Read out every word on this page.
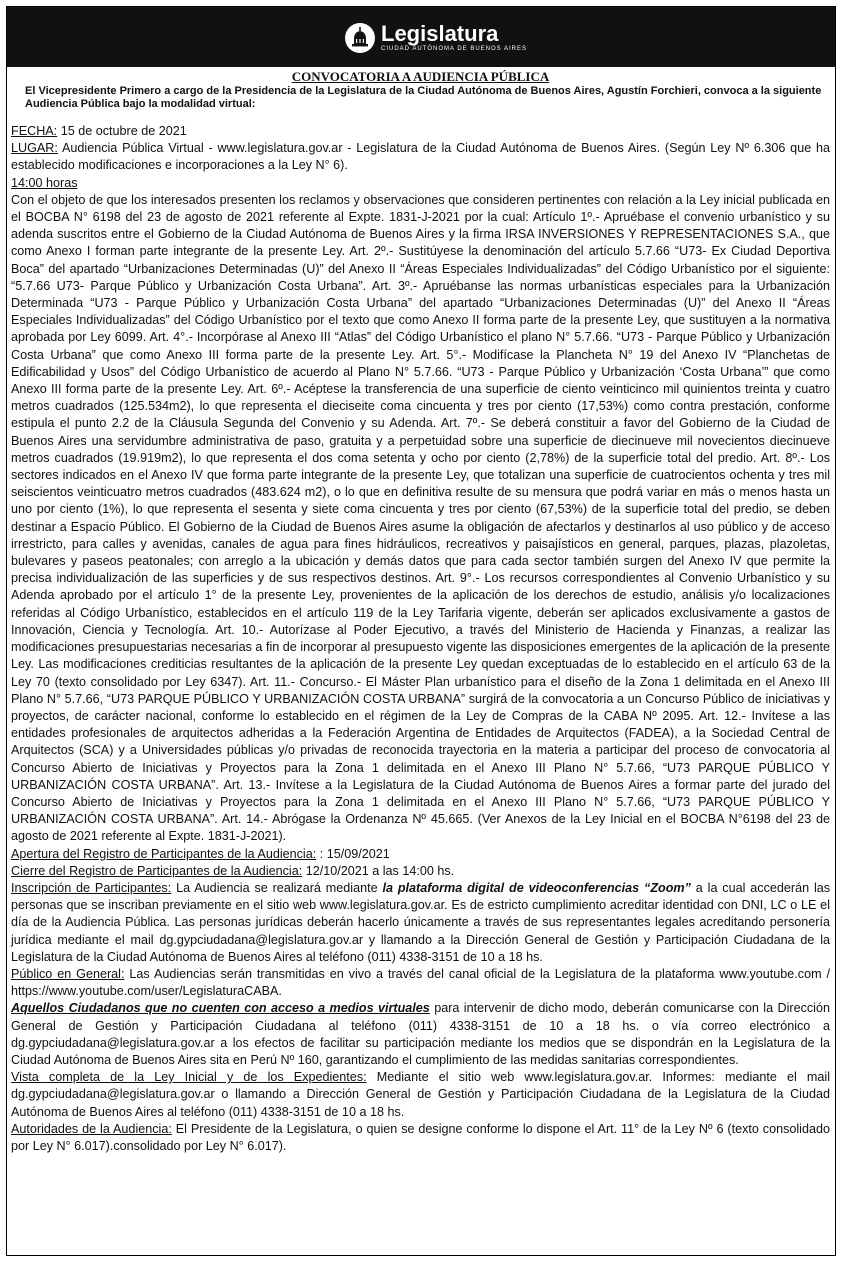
Legislatura
CIUDAD AUTÓNOMA DE BUENOS AIRES
CONVOCATORIA A AUDIENCIA PÚBLICA
El Vicepresidente Primero a cargo de la Presidencia de la Legislatura de la Ciudad Autónoma de Buenos Aires, Agustín Forchieri, convoca a la siguiente Audiencia Pública bajo la modalidad virtual:

FECHA: 15 de octubre de 2021

LUGAR: Audiencia Pública Virtual - www.legislatura.gov.ar - Legislatura de la Ciudad Autónoma de Buenos Aires. (Según Ley Nº 6.306 que ha establecido modificaciones e incorporaciones a la Ley N° 6).

14:00 horas

Con el objeto de que los interesados presenten los reclamos y observaciones que consideren pertinentes con relación a la Ley inicial publicada en el BOCBA N° 6198 del 23 de agosto de 2021 referente al Expte. 1831-J-2021 por la cual: Artículo 1º.- Apruébase el convenio urbanístico y su adenda suscritos entre el Gobierno de la Ciudad Autónoma de Buenos Aires y la firma IRSA INVERSIONES Y REPRESENTACIONES S.A., que como Anexo I forman parte integrante de la presente Ley. Art. 2º.- Sustitúyese la denominación del artículo 5.7.66 “U73- Ex Ciudad Deportiva Boca” del apartado “Urbanizaciones Determinadas (U)” del Anexo II “Áreas Especiales Individualizadas” del Código Urbanístico por el siguiente: “5.7.66 U73- Parque Público y Urbanización Costa Urbana”. Art. 3º.- Apruébanse las normas urbanísticas especiales para la Urbanización Determinada “U73 - Parque Público y Urbanización Costa Urbana” del apartado “Urbanizaciones Determinadas (U)” del Anexo II “Áreas Especiales Individualizadas” del Código Urbanístico por el texto que como Anexo II forma parte de la presente Ley, que sustituyen a la normativa aprobada por Ley 6099. Art. 4°.- Incorpórase al Anexo III “Atlas” del Código Urbanístico el plano N° 5.7.66. “U73 - Parque Público y Urbanización Costa Urbana” que como Anexo III forma parte de la presente Ley. Art. 5°.- Modifícase la Plancheta N° 19 del Anexo IV “Planchetas de Edificabilidad y Usos” del Código Urbanístico de acuerdo al Plano N° 5.7.66. “U73 - Parque Público y Urbanización ‘Costa Urbana’” que como Anexo III forma parte de la presente Ley. Art. 6º.- Acéptese la transferencia de una superficie de ciento veinticinco mil quinientos treinta y cuatro metros cuadrados (125.534m2), lo que representa el dieciseite coma cincuenta y tres por ciento (17,53%) como contra prestación, conforme estipula el punto 2.2 de la Cláusula Segunda del Convenio y su Adenda. Art. 7º.- Se deberá constituir a favor del Gobierno de la Ciudad de Buenos Aires una servidumbre administrativa de paso, gratuita y a perpetuidad sobre una superficie de diecinueve mil novecientos diecinueve metros cuadrados (19.919m2), lo que representa el dos coma setenta y ocho por ciento (2,78%) de la superficie total del predio. Art. 8º.- Los sectores indicados en el Anexo IV que forma parte integrante de la presente Ley, que totalizan una superficie de cuatrocientos ochenta y tres mil seiscientos veinticuatro metros cuadrados (483.624 m2), o lo que en definitiva resulte de su mensura que podrá variar en más o menos hasta un uno por ciento (1%), lo que representa el sesenta y siete coma cincuenta y tres por ciento (67,53%) de la superficie total del predio, se deben destinar a Espacio Público. El Gobierno de la Ciudad de Buenos Aires asume la obligación de afectarlos y destinarlos al uso público y de acceso irrestricto, para calles y avenidas, canales de agua para fines hidráulicos, recreativos y paisajísticos en general, parques, plazas, plazoletas, bulevares y paseos peatonales; con arreglo a la ubicación y demás datos que para cada sector también surgen del Anexo IV que permite la precisa individualización de las superficies y de sus respectivos destinos. Art. 9°.- Los recursos correspondientes al Convenio Urbanístico y su Adenda aprobado por el artículo 1° de la presente Ley, provenientes de la aplicación de los derechos de estudio, análisis y/o localizaciones referidas al Código Urbanístico, establecidos en el artículo 119 de la Ley Tarifaria vigente, deberán ser aplicados exclusivamente a gastos de Innovación, Ciencia y Tecnología. Art. 10.- Autorízase al Poder Ejecutivo, a través del Ministerio de Hacienda y Finanzas, a realizar las modificaciones presupuestarias necesarias a fin de incorporar al presupuesto vigente las disposiciones emergentes de la aplicación de la presente Ley. Las modificaciones crediticias resultantes de la aplicación de la presente Ley quedan exceptuadas de lo establecido en el artículo 63 de la Ley 70 (texto consolidado por Ley 6347). Art. 11.- Concurso.- El Máster Plan urbanístico para el diseño de la Zona 1 delimitada en el Anexo III Plano N° 5.7.66, “U73 PARQUE PÚBLICO Y URBANIZACIÓN COSTA URBANA” surgirá de la convocatoria a un Concurso Público de iniciativas y proyectos, de carácter nacional, conforme lo establecido en el régimen de la Ley de Compras de la CABA Nº 2095. Art. 12.- Invítese a las entidades profesionales de arquitectos adheridas a la Federación Argentina de Entidades de Arquitectos (FADEA), a la Sociedad Central de Arquitectos (SCA) y a Universidades públicas y/o privadas de reconocida trayectoria en la materia a participar del proceso de convocatoria al Concurso Abierto de Iniciativas y Proyectos para la Zona 1 delimitada en el Anexo III Plano N° 5.7.66, “U73 PARQUE PÚBLICO Y URBANIZACIÓN COSTA URBANA”. Art. 13.- Invítese a la Legislatura de la Ciudad Autónoma de Buenos Aires a formar parte del jurado del Concurso Abierto de Iniciativas y Proyectos para la Zona 1 delimitada en el Anexo III Plano N° 5.7.66, “U73 PARQUE PÚBLICO Y URBANIZACIÓN COSTA URBANA”. Art. 14.- Abrógase la Ordenanza Nº 45.665. (Ver Anexos de la Ley Inicial en el BOCBA N°6198 del 23 de agosto de 2021 referente al Expte. 1831-J-2021).

Apertura del Registro de Participantes de la Audiencia: : 15/09/2021

Cierre del Registro de Participantes de la Audiencia: 12/10/2021 a las 14:00 hs.

Inscripción de Participantes: La Audiencia se realizará mediante la plataforma digital de videoconferencias “Zoom” a la cual accederán las personas que se inscriban previamente en el sitio web www.legislatura.gov.ar. Es de estricto cumplimiento acreditar identidad con DNI, LC o LE el día de la Audiencia Pública. Las personas jurídicas deberán hacerlo únicamente a través de sus representantes legales acreditando personería jurídica mediante el mail dg.gypciudadana@legislatura.gov.ar y llamando a la Dirección General de Gestión y Participación Ciudadana de la Legislatura de la Ciudad Autónoma de Buenos Aires al teléfono (011) 4338-3151 de 10 a 18 hs.

Público en General: Las Audiencias serán transmitidas en vivo a través del canal oficial de la Legislatura de la plataforma www.youtube.com / https://www.youtube.com/user/LegislaturaCABA.

Aquellos Ciudadanos que no cuenten con acceso a medios virtuales para intervenir de dicho modo, deberán comunicarse con la Dirección General de Gestión y Participación Ciudadana al teléfono (011) 4338-3151 de 10 a 18 hs. o vía correo electrónico a dg.gypciudadana@legislatura.gov.ar a los efectos de facilitar su participación mediante los medios que se dispondrán en la Legislatura de la Ciudad Autónoma de Buenos Aires sita en Perú Nº 160, garantizando el cumplimiento de las medidas sanitarias correspondientes.

Vista completa de la Ley Inicial y de los Expedientes: Mediante el sitio web www.legislatura.gov.ar. Informes: mediante el mail dg.gypciudadana@legislatura.gov.ar o llamando a Dirección General de Gestión y Participación Ciudadana de la Legislatura de la Ciudad Autónoma de Buenos Aires al teléfono (011) 4338-3151 de 10 a 18 hs.

Autoridades de la Audiencia: El Presidente de la Legislatura, o quien se designe conforme lo dispone el Art. 11° de la Ley Nº 6 (texto consolidado por Ley N° 6.017).consolidado por Ley N° 6.017).
